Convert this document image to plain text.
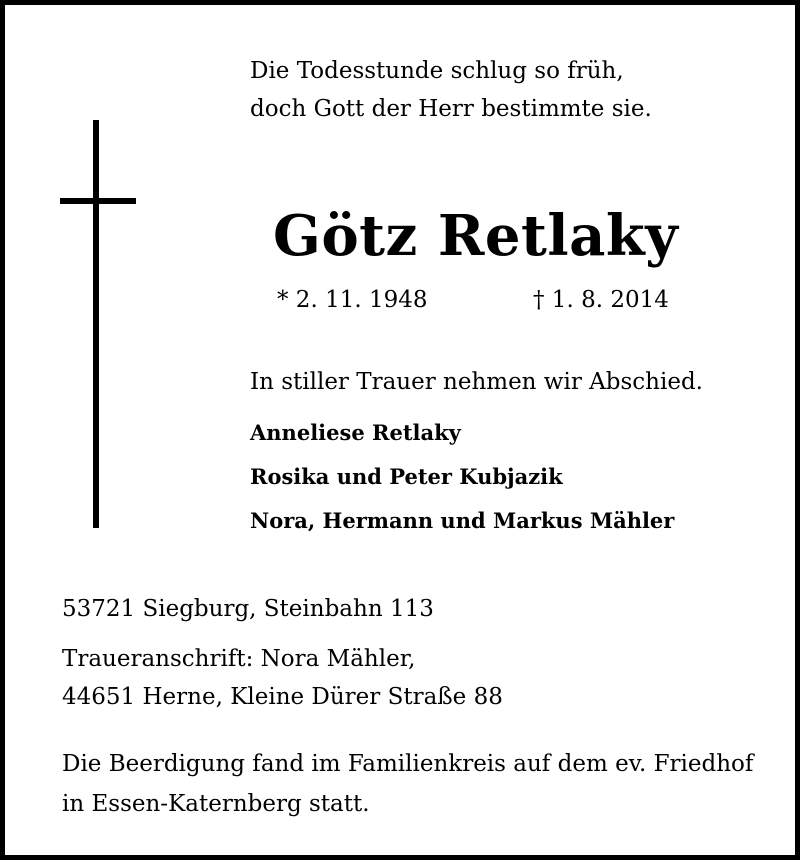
Die Todesstunde schlug so früh,
doch Gott der Herr bestimmte sie.
Götz Retlaky
* 2. 11. 1948	† 1. 8. 2014
In stiller Trauer nehmen wir Abschied.
Anneliese Retlaky
Rosika und Peter Kubjazik
Nora, Hermann und Markus Mähler
53721 Siegburg, Steinbahn 113
Traueranschrift: Nora Mähler,
44651 Herne, Kleine Dürer Straße 88
Die Beerdigung fand im Familienkreis auf dem ev. Friedhof
in Essen-Katernberg statt.
